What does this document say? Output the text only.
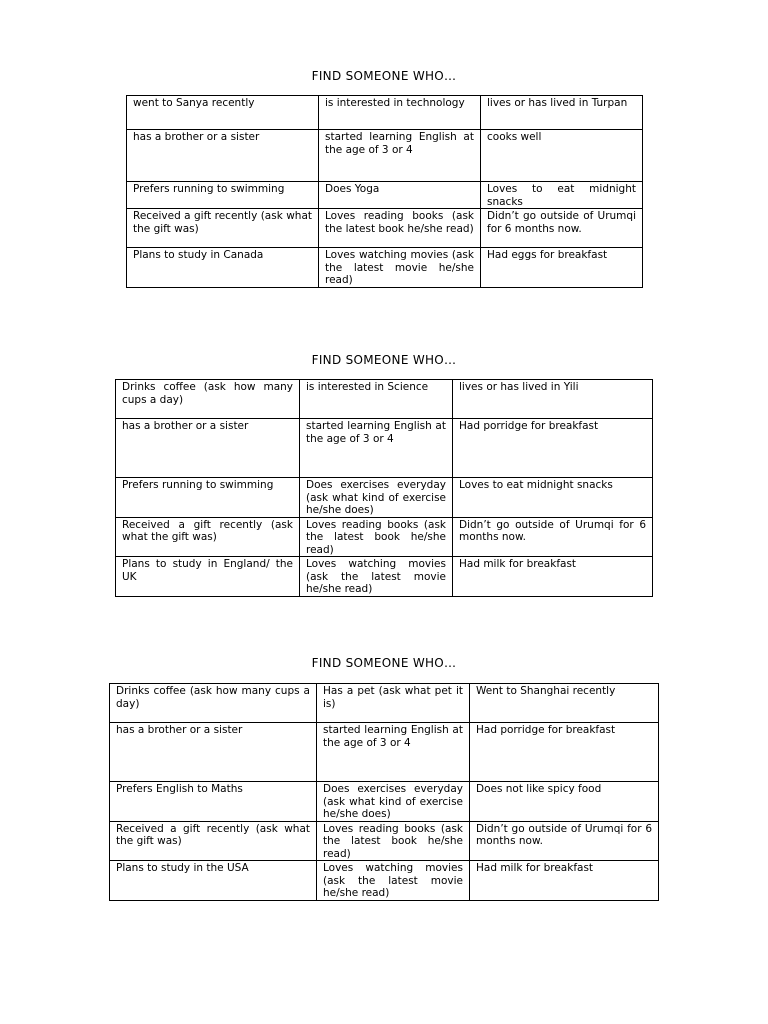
FIND SOMEONE WHO…
went to Sanya recently	is interested in technology	lives or has lived in Turpan
has a brother or a sister	started learning English at the age of 3 or 4	cooks well
Prefers running to swimming	Does Yoga	Loves to eat midnight snacks
Received a gift recently (ask what the gift was)	Loves reading books (ask the latest book he/she read)	Didn’t go outside of Urumqi for 6 months now.
Plans to study in Canada	Loves watching movies (ask the latest movie he/she read)	Had eggs for breakfast
FIND SOMEONE WHO…
Drinks coffee (ask how many cups a day)	is interested in Science	lives or has lived in Yili
has a brother or a sister	started learning English at the age of 3 or 4	Had porridge for breakfast
Prefers running to swimming	Does exercises everyday (ask what kind of exercise he/she does)	Loves to eat midnight snacks
Received a gift recently (ask what the gift was)	Loves reading books (ask the latest book he/she read)	Didn’t go outside of Urumqi for 6 months now.
Plans to study in England/ the UK	Loves watching movies (ask the latest movie he/she read)	Had milk for breakfast
FIND SOMEONE WHO…
Drinks coffee (ask how many cups a day)	Has a pet (ask what pet it is)	Went to Shanghai recently
has a brother or a sister	started learning English at the age of 3 or 4	Had porridge for breakfast
Prefers English to Maths	Does exercises everyday (ask what kind of exercise he/she does)	Does not like spicy food
Received a gift recently (ask what the gift was)	Loves reading books (ask the latest book he/she read)	Didn’t go outside of Urumqi for 6 months now.
Plans to study in the USA	Loves watching movies (ask the latest movie he/she read)	Had milk for breakfast
